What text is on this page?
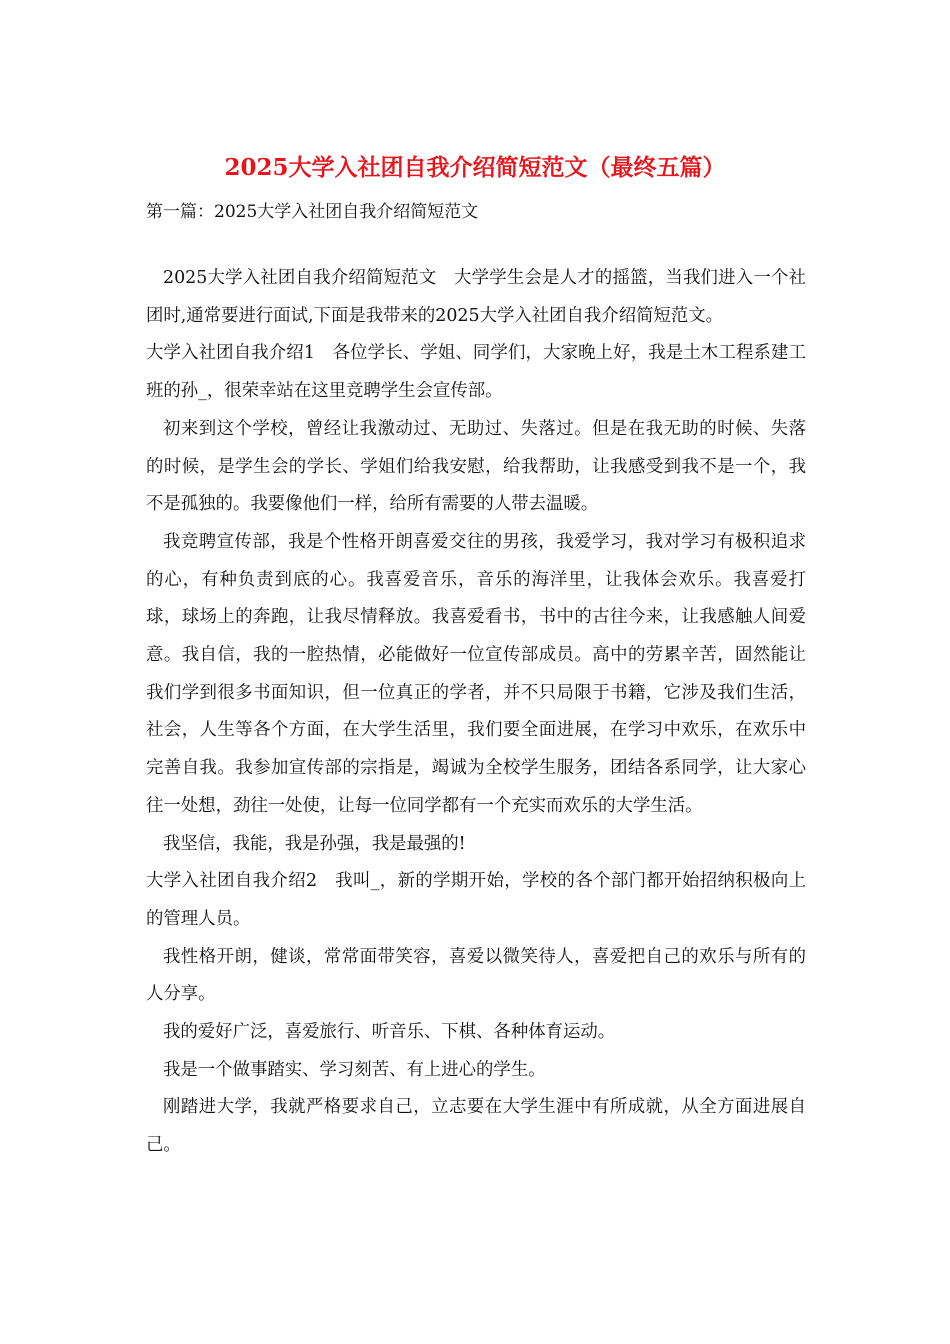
2025大学入社团自我介绍简短范文（最终五篇）
第一篇：2025大学入社团自我介绍简短范文

2025大学入社团自我介绍简短范文　大学学生会是人才的摇篮，当我们进入一个社团时,通常要进行面试,下面是我带来的2025大学入社团自我介绍简短范文。

大学入社团自我介绍1　各位学长、学姐、同学们，大家晚上好，我是土木工程系建工班的孙_，很荣幸站在这里竞聘学生会宣传部。

初来到这个学校，曾经让我激动过、无助过、失落过。但是在我无助的时候、失落的时候，是学生会的学长、学姐们给我安慰，给我帮助，让我感受到我不是一个，我不是孤独的。我要像他们一样，给所有需要的人带去温暖。

我竞聘宣传部，我是个性格开朗喜爱交往的男孩，我爱学习，我对学习有极积追求的心，有种负责到底的心。我喜爱音乐，音乐的海洋里，让我体会欢乐。我喜爱打球，球场上的奔跑，让我尽情释放。我喜爱看书，书中的古往今来，让我感触人间爱意。我自信，我的一腔热情，必能做好一位宣传部成员。高中的劳累辛苦，固然能让我们学到很多书面知识，但一位真正的学者，并不只局限于书籍，它涉及我们生活，社会，人生等各个方面，在大学生活里，我们要全面进展，在学习中欢乐，在欢乐中完善自我。我参加宣传部的宗指是，竭诚为全校学生服务，团结各系同学，让大家心往一处想，劲往一处使，让每一位同学都有一个充实而欢乐的大学生活。

我坚信，我能，我是孙强，我是最强的!

大学入社团自我介绍2　我叫_，新的学期开始，学校的各个部门都开始招纳积极向上的管理人员。

我性格开朗，健谈，常常面带笑容，喜爱以微笑待人，喜爱把自己的欢乐与所有的人分享。

我的爱好广泛，喜爱旅行、听音乐、下棋、各种体育运动。

我是一个做事踏实、学习刻苦、有上进心的学生。

刚踏进大学，我就严格要求自己，立志要在大学生涯中有所成就，从全方面进展自己。
